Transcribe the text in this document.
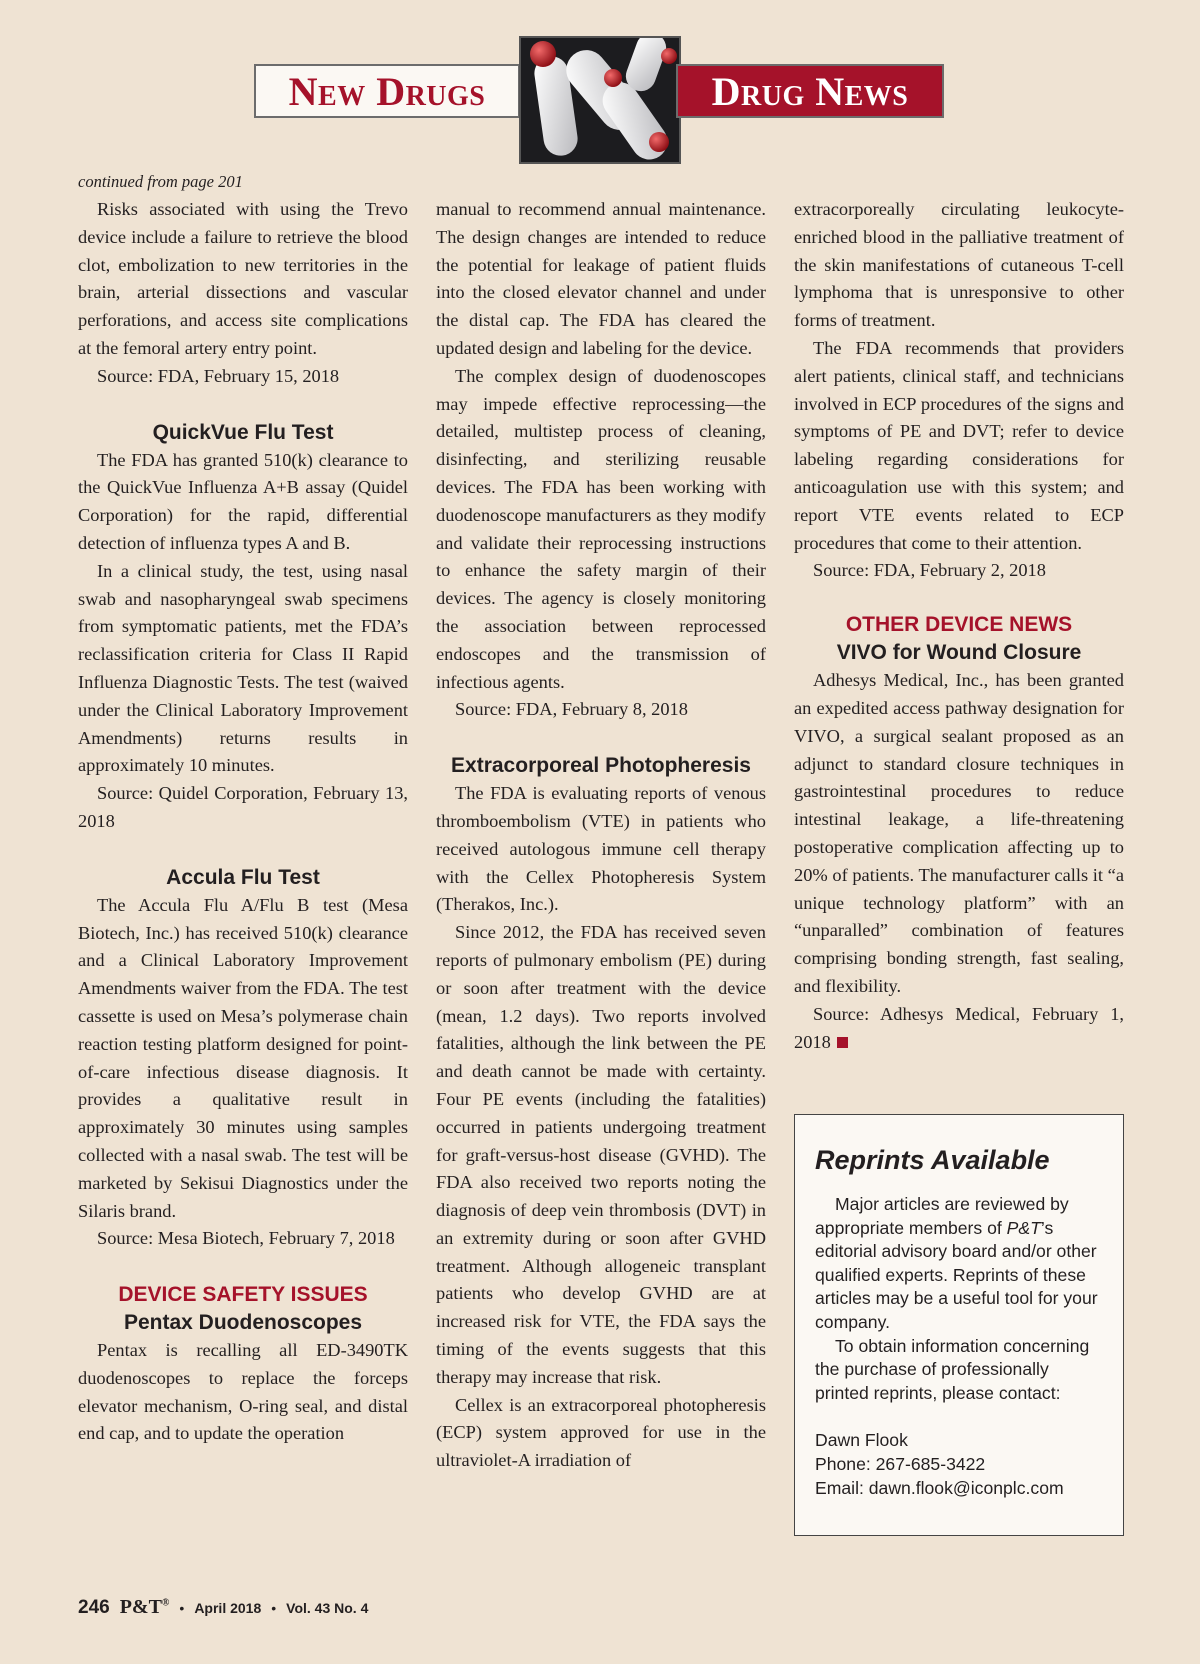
New Drugs	Drug News
continued from page 201

Risks associated with using the Trevo device include a failure to retrieve the blood clot, embolization to new territories in the brain, arterial dissections and vascular perforations, and access site complications at the femoral artery entry point.

Source: FDA, February 15, 2018

QuickVue Flu Test

The FDA has granted 510(k) clearance to the QuickVue Influenza A+B assay (Quidel Corporation) for the rapid, differential detection of influenza types A and B.

In a clinical study, the test, using nasal swab and nasopharyngeal swab specimens from symptomatic patients, met the FDA’s reclassification criteria for Class II Rapid Influenza Diagnostic Tests. The test (waived under the Clinical Laboratory Improvement Amendments) returns results in approximately 10 minutes.

Source: Quidel Corporation, February 13, 2018

Accula Flu Test

The Accula Flu A/Flu B test (Mesa Biotech, Inc.) has received 510(k) clearance and a Clinical Laboratory Improvement Amendments waiver from the FDA. The test cassette is used on Mesa’s polymerase chain reaction testing platform designed for point-of-care infectious disease diagnosis. It provides a qualitative result in approximately 30 minutes using samples collected with a nasal swab. The test will be marketed by Sekisui Diagnostics under the Silaris brand.

Source: Mesa Biotech, February 7, 2018

DEVICE SAFETY ISSUES
Pentax Duodenoscopes

Pentax is recalling all ED-3490TK duodenoscopes to replace the forceps elevator mechanism, O-ring seal, and distal end cap, and to update the operation

manual to recommend annual maintenance. The design changes are intended to reduce the potential for leakage of patient fluids into the closed elevator channel and under the distal cap. The FDA has cleared the updated design and labeling for the device.

The complex design of duodenoscopes may impede effective reprocessing—the detailed, multistep process of cleaning, disinfecting, and sterilizing reusable devices. The FDA has been working with duodenoscope manufacturers as they modify and validate their reprocessing instructions to enhance the safety margin of their devices. The agency is closely monitoring the association between reprocessed endoscopes and the transmission of infectious agents.

Source: FDA, February 8, 2018

Extracorporeal Photopheresis

The FDA is evaluating reports of venous thromboembolism (VTE) in patients who received autologous immune cell therapy with the Cellex Photopheresis System (Therakos, Inc.).

Since 2012, the FDA has received seven reports of pulmonary embolism (PE) during or soon after treatment with the device (mean, 1.2 days). Two reports involved fatalities, although the link between the PE and death cannot be made with certainty. Four PE events (including the fatalities) occurred in patients undergoing treatment for graft-versus-host disease (GVHD). The FDA also received two reports noting the diagnosis of deep vein thrombosis (DVT) in an extremity during or soon after GVHD treatment. Although allogeneic transplant patients who develop GVHD are at increased risk for VTE, the FDA says the timing of the events suggests that this therapy may increase that risk.

Cellex is an extracorporeal photopheresis (ECP) system approved for use in the ultraviolet-A irradiation of

extracorporeally circulating leukocyte-enriched blood in the palliative treatment of the skin manifestations of cutaneous T-cell lymphoma that is unresponsive to other forms of treatment.

The FDA recommends that providers alert patients, clinical staff, and technicians involved in ECP procedures of the signs and symptoms of PE and DVT; refer to device labeling regarding considerations for anticoagulation use with this system; and report VTE events related to ECP procedures that come to their attention.

Source: FDA, February 2, 2018

OTHER DEVICE NEWS
VIVO for Wound Closure

Adhesys Medical, Inc., has been granted an expedited access pathway designation for VIVO, a surgical sealant proposed as an adjunct to standard closure techniques in gastrointestinal procedures to reduce intestinal leakage, a life-threatening postoperative complication affecting up to 20% of patients. The manufacturer calls it “a unique technology platform” with an “unparalled” combination of features comprising bonding strength, fast sealing, and flexibility.

Source: Adhesys Medical, February 1, 2018

Reprints Available

Major articles are reviewed by appropriate members of P&T’s editorial advisory board and/or other qualified experts. Reprints of these articles may be a useful tool for your company.

To obtain information concerning the purchase of professionally printed reprints, please contact:

Dawn Flook
Phone: 267-685-3422
Email: dawn.flook@iconplc.com

246 P&T® • April 2018 • Vol. 43 No. 4
